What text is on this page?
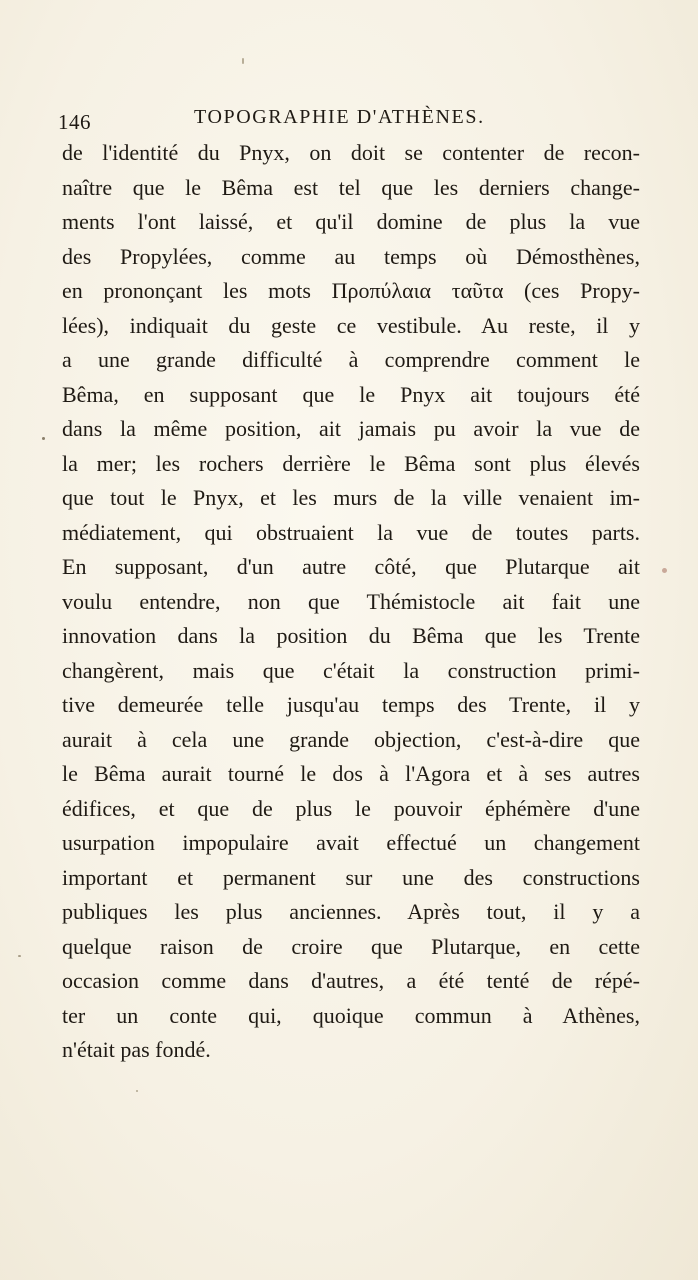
146	TOPOGRAPHIE D'ATHÈNES.
de l'identité du Pnyx, on doit se contenter de recon-
naître que le Bêma est tel que les derniers change-
ments l'ont laissé, et qu'il domine de plus la vue
des Propylées, comme au temps où Démosthènes,
en prononçant les mots Προπύλαια ταῦτα (ces Propy-
lées), indiquait du geste ce vestibule. Au reste, il y
a une grande difficulté à comprendre comment le
Bêma, en supposant que le Pnyx ait toujours été
dans la même position, ait jamais pu avoir la vue de
la mer; les rochers derrière le Bêma sont plus élevés
que tout le Pnyx, et les murs de la ville venaient im-
médiatement, qui obstruaient la vue de toutes parts.
En supposant, d'un autre côté, que Plutarque ait
voulu entendre, non que Thémistocle ait fait une
innovation dans la position du Bêma que les Trente
changèrent, mais que c'était la construction primi-
tive demeurée telle jusqu'au temps des Trente, il y
aurait à cela une grande objection, c'est-à-dire que
le Bêma aurait tourné le dos à l'Agora et à ses autres
édifices, et que de plus le pouvoir éphémère d'une
usurpation impopulaire avait effectué un changement
important et permanent sur une des constructions
publiques les plus anciennes. Après tout, il y a
quelque raison de croire que Plutarque, en cette
occasion comme dans d'autres, a été tenté de répé-
ter un conte qui, quoique commun à Athènes,
n'était pas fondé.
